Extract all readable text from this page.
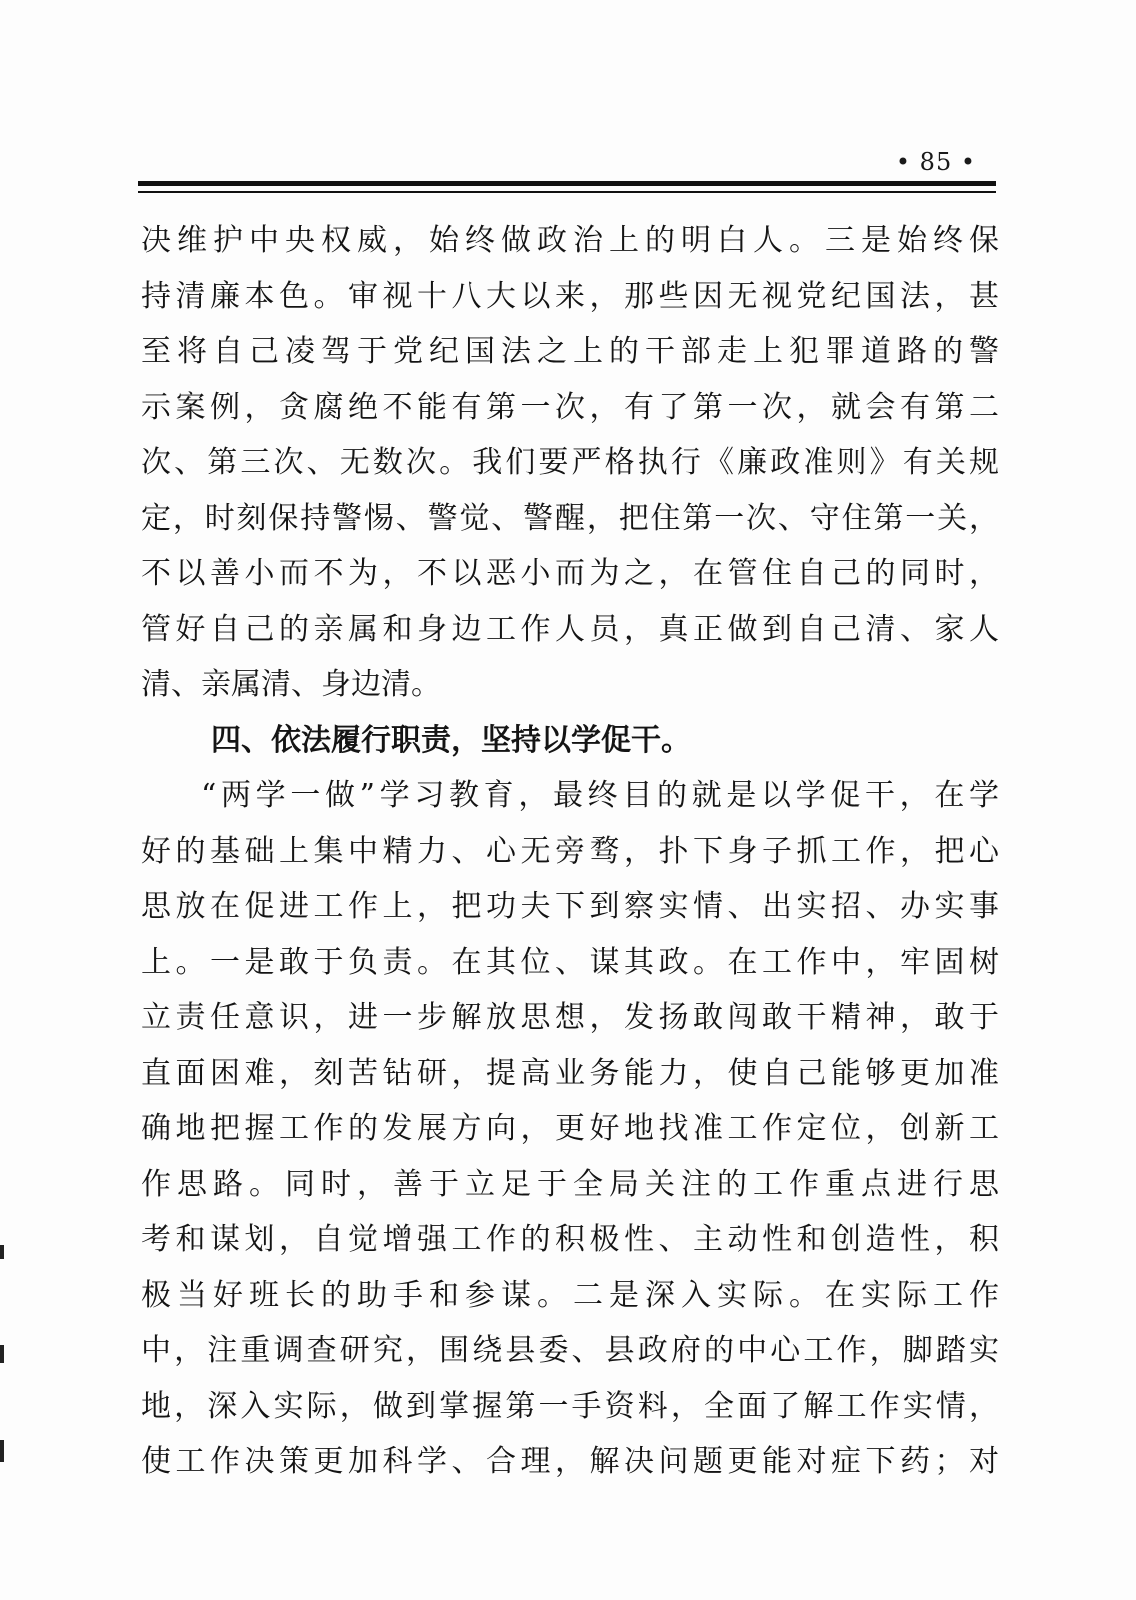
• 85 •
决维护中央权威，始终做政治上的明白人。三是始终保
持清廉本色。审视十八大以来，那些因无视党纪国法，甚
至将自己凌驾于党纪国法之上的干部走上犯罪道路的警
示案例，贪腐绝不能有第一次，有了第一次，就会有第二
次、第三次、无数次。我们要严格执行《廉政准则》有关规
定，时刻保持警惕、警觉、警醒，把住第一次、守住第一关，
不以善小而不为，不以恶小而为之，在管住自己的同时，
管好自己的亲属和身边工作人员，真正做到自己清、家人
清、亲属清、身边清。
四、依法履行职责，坚持以学促干。
“两学一做”学习教育，最终目的就是以学促干，在学
好的基础上集中精力、心无旁骛，扑下身子抓工作，把心
思放在促进工作上，把功夫下到察实情、出实招、办实事
上。一是敢于负责。在其位、谋其政。在工作中，牢固树
立责任意识，进一步解放思想，发扬敢闯敢干精神，敢于
直面困难，刻苦钻研，提高业务能力，使自己能够更加准
确地把握工作的发展方向，更好地找准工作定位，创新工
作思路。同时，善于立足于全局关注的工作重点进行思
考和谋划，自觉增强工作的积极性、主动性和创造性，积
极当好班长的助手和参谋。二是深入实际。在实际工作
中，注重调查研究，围绕县委、县政府的中心工作，脚踏实
地，深入实际，做到掌握第一手资料，全面了解工作实情，
使工作决策更加科学、合理，解决问题更能对症下药；对
